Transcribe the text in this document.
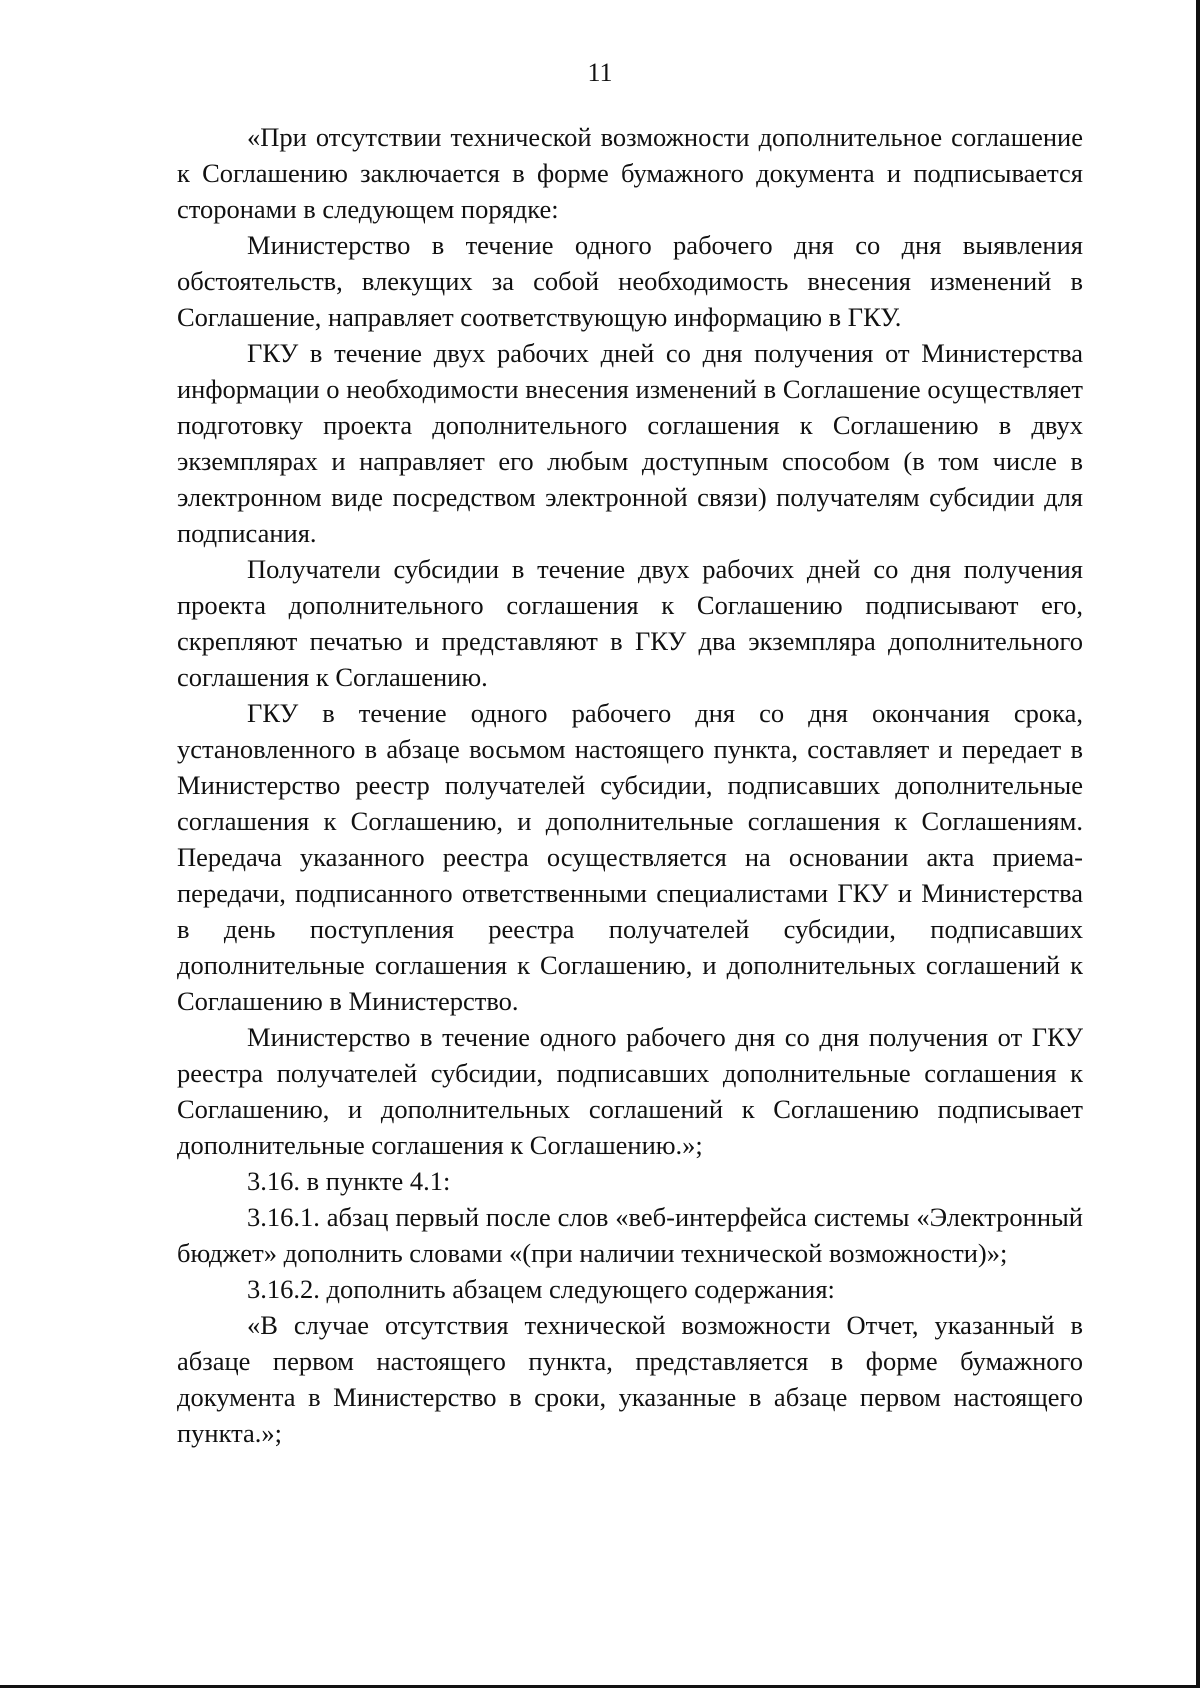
11

«При отсутствии технической возможности дополнительное соглашение к Соглашению заключается в форме бумажного документа и подписывается сторонами в следующем порядке:

Министерство в течение одного рабочего дня со дня выявления обстоятельств, влекущих за собой необходимость внесения изменений в Соглашение, направляет соответствующую информацию в ГКУ.

ГКУ в течение двух рабочих дней со дня получения от Министерства информации о необходимости внесения изменений в Соглашение осуществляет подготовку проекта дополнительного соглашения к Соглашению в двух экземплярах и направляет его любым доступным способом (в том числе в электронном виде посредством электронной связи) получателям субсидии для подписания.

Получатели субсидии в течение двух рабочих дней со дня получения проекта дополнительного соглашения к Соглашению подписывают его, скрепляют печатью и представляют в ГКУ два экземпляра дополнительного соглашения к Соглашению.

ГКУ в течение одного рабочего дня со дня окончания срока, установленного в абзаце восьмом настоящего пункта, составляет и передает в Министерство реестр получателей субсидии, подписавших дополнительные соглашения к Соглашению, и дополнительные соглашения к Соглашениям. Передача указанного реестра осуществляется на основании акта приема-передачи, подписанного ответственными специалистами ГКУ и Министерства в день поступления реестра получателей субсидии, подписавших дополнительные соглашения к Соглашению, и дополнительных соглашений к Соглашению в Министерство.

Министерство в течение одного рабочего дня со дня получения от ГКУ реестра получателей субсидии, подписавших дополнительные соглашения к Соглашению, и дополнительных соглашений к Соглашению подписывает дополнительные соглашения к Соглашению.»;

3.16. в пункте 4.1:

3.16.1. абзац первый после слов «веб-интерфейса системы «Электронный бюджет» дополнить словами «(при наличии технической возможности)»;

3.16.2. дополнить абзацем следующего содержания:

«В случае отсутствия технической возможности Отчет, указанный в абзаце первом настоящего пункта, представляется в форме бумажного документа в Министерство в сроки, указанные в абзаце первом настоящего пункта.»;
